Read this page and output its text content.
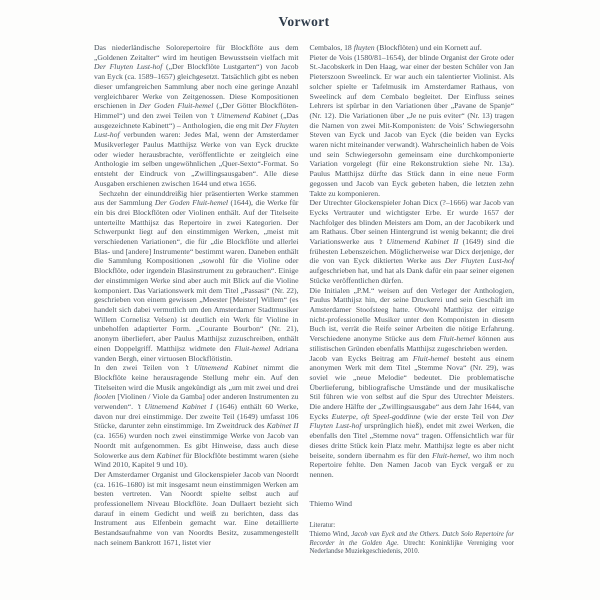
Vorwort

Das niederländische Solorepertoire für Blockflöte aus dem „Goldenen Zeitalter“ wird im heutigen Bewusstsein vielfach mit Der Fluyten Lust-hof („Der Blockflöte Lustgarten“) von Jacob van Eyck (ca. 1589–1657) gleichgesetzt. Tatsächlich gibt es neben dieser umfangreichen Sammlung aber noch eine geringe Anzahl vergleichbarer Werke von Zeitgenossen. Diese Kompositionen erschienen in Der Goden Fluit-hemel („Der Götter Blockflöten-Himmel“) und den zwei Teilen von ’t Uitnemend Kabinet („Das ausgezeichnete Kabinett“) – Anthologien, die eng mit Der Fluyten Lust-hof verbunden waren: Jedes Mal, wenn der Amsterdamer Musikverleger Paulus Matthijsz Werke von van Eyck druckte oder wieder herausbrachte, veröffentlichte er zeitgleich eine Anthologie im selben ungewöhnlichen „Quer-Sexto“-Format. So entsteht der Eindruck von „Zwillingsausgaben“. Alle diese Ausgaben erschienen zwischen 1644 und etwa 1656.

Sechzehn der einunddreißig hier präsentierten Werke stammen aus der Sammlung Der Goden Fluit-hemel (1644), die Werke für ein bis drei Blockflöten oder Violinen enthält. Auf der Titelseite unterteilte Matthijsz das Repertoire in zwei Kategorien. Der Schwerpunkt liegt auf den einstimmigen Werken, „meist mit verschiedenen Variationen“, die für „die Blockflöte und allerlei Blas- und [andere] Instrumente“ bestimmt waren. Daneben enthält die Sammlung Kompositionen „sowohl für die Violine oder Blockflöte, oder irgendein Blasinstrument zu gebrauchen“. Einige der einstimmigen Werke sind aber auch mit Blick auf die Violine komponiert. Das Variationswerk mit dem Titel „Passasi“ (Nr. 22), geschrieben von einem gewissen „Meester [Meister] Willem“ (es handelt sich dabei vermutlich um den Amsterdamer Stadtmusiker Willem Cornelisz Velsen) ist deutlich ein Werk für Violine in unbeholfen adaptierter Form. „Courante Bourbon“ (Nr. 21), anonym überliefert, aber Paulus Matthijsz zuzuschreiben, enthält einen Doppelgriff. Matthijsz widmete den Fluit-hemel Adriana vanden Bergh, einer virtuosen Blockflötistin.

In den zwei Teilen von ’t Uitnemend Kabinet nimmt die Blockflöte keine herausragende Stellung mehr ein. Auf den Titelseiten wird die Musik angekündigt als „um mit zwei und drei fioolen [Violinen / Viole da Gamba] oder anderen Instrumenten zu verwenden“. ’t Uitnemend Kabinet I (1646) enthält 60 Werke, davon nur drei einstimmige. Der zweite Teil (1649) umfasst 106 Stücke, darunter zehn einstimmige. Im Zweitdruck des Kabinet II (ca. 1656) wurden noch zwei einstimmige Werke von Jacob van Noordt mit aufgenommen. Es gibt Hinweise, dass auch diese Solowerke aus dem Kabinet für Blockflöte bestimmt waren (siehe Wind 2010, Kapitel 9 und 10).

Der Amsterdamer Organist und Glockenspieler Jacob van Noordt (ca. 1616–1680) ist mit insgesamt neun einstimmigen Werken am besten vertreten. Van Noordt spielte selbst auch auf professionellem Niveau Blockflöte. Joan Dullaert bezieht sich darauf in einem Gedicht und weiß zu berichten, dass das Instrument aus Elfenbein gemacht war. Eine detaillierte Bestandsaufnahme von van Noordts Besitz, zusammengestellt nach seinem Bankrott 1671, listet vier

Cembalos, 18 fluyten (Blockflöten) und ein Kornett auf.

Pieter de Vois (1580/81–1654), der blinde Organist der Grote oder St.-Jacobskerk in Den Haag, war einer der besten Schüler von Jan Pieterszoon Sweelinck. Er war auch ein talentierter Violinist. Als solcher spielte er Tafelmusik im Amsterdamer Rathaus, von Sweelinck auf dem Cembalo begleitet. Der Einfluss seines Lehrers ist spürbar in den Variationen über „Pavane de Spanje“ (Nr. 12). Die Variationen über „Je ne puis eviter“ (Nr. 13) tragen die Namen von zwei Mit-Komponisten: de Vois’ Schwiegersohn Steven van Eyck und Jacob van Eyck (die beiden van Eycks waren nicht miteinander verwandt). Wahrscheinlich haben de Vois und sein Schwiegersohn gemeinsam eine durchkomponierte Variation vorgelegt (für eine Rekonstruktion siehe Nr. 13a). Paulus Matthijsz dürfte das Stück dann in eine neue Form gegossen und Jacob van Eyck gebeten haben, die letzten zehn Takte zu komponieren.

Der Utrechter Glockenspieler Johan Dicx (?–1666) war Jacob van Eycks Vertrauter und wichtigster Erbe. Er wurde 1657 der Nachfolger des blinden Meisters am Dom, an der Jacobikerk und am Rathaus. Über seinen Hintergrund ist wenig bekannt; die drei Variationswerke aus ’t Uitnemend Kabinet II (1649) sind die frühesten Lebenszeichen. Möglicherweise war Dicx derjenige, der die von van Eyck diktierten Werke aus Der Fluyten Lust-hof aufgeschrieben hat, und hat als Dank dafür ein paar seiner eigenen Stücke veröffentlichen dürfen.

Die Initialen „P.M.“ weisen auf den Verleger der Anthologien, Paulus Matthijsz hin, der seine Druckerei und sein Geschäft im Amsterdamer Stoofsteeg hatte. Obwohl Matthijsz der einzige nicht-professionelle Musiker unter den Komponisten in diesem Buch ist, verrät die Reife seiner Arbeiten die nötige Erfahrung. Verschiedene anonyme Stücke aus dem Fluit-hemel können aus stilistischen Gründen ebenfalls Matthijsz zugeschrieben werden.

Jacob van Eycks Beitrag am Fluit-hemel besteht aus einem anonymen Werk mit dem Titel „Stemme Nova“ (Nr. 29), was soviel wie „neue Melodie“ bedeutet. Die problematische Überlieferung, bibliografische Umstände und der musikalische Stil führen wie von selbst auf die Spur des Utrechter Meisters. Die andere Hälfte der „Zwillingsausgabe“ aus dem Jahr 1644, van Eycks Euterpe, oft Speel-goddinne (wie der erste Teil von Der Fluyten Lust-hof ursprünglich hieß), endet mit zwei Werken, die ebenfalls den Titel „Stemme nova“ tragen. Offensichtlich war für dieses dritte Stück kein Platz mehr. Matthijsz legte es aber nicht beiseite, sondern übernahm es für den Fluit-hemel, wo ihm noch Repertoire fehlte. Den Namen Jacob van Eyck vergaß er zu nennen.

Thiemo Wind

Literatur:

Thiemo Wind, Jacob van Eyck and the Others. Dutch Solo Repertoire for Recorder in the Golden Age. Utrecht: Koninklijke Vereniging voor Nederlandse Muziekgeschiedenis, 2010.
